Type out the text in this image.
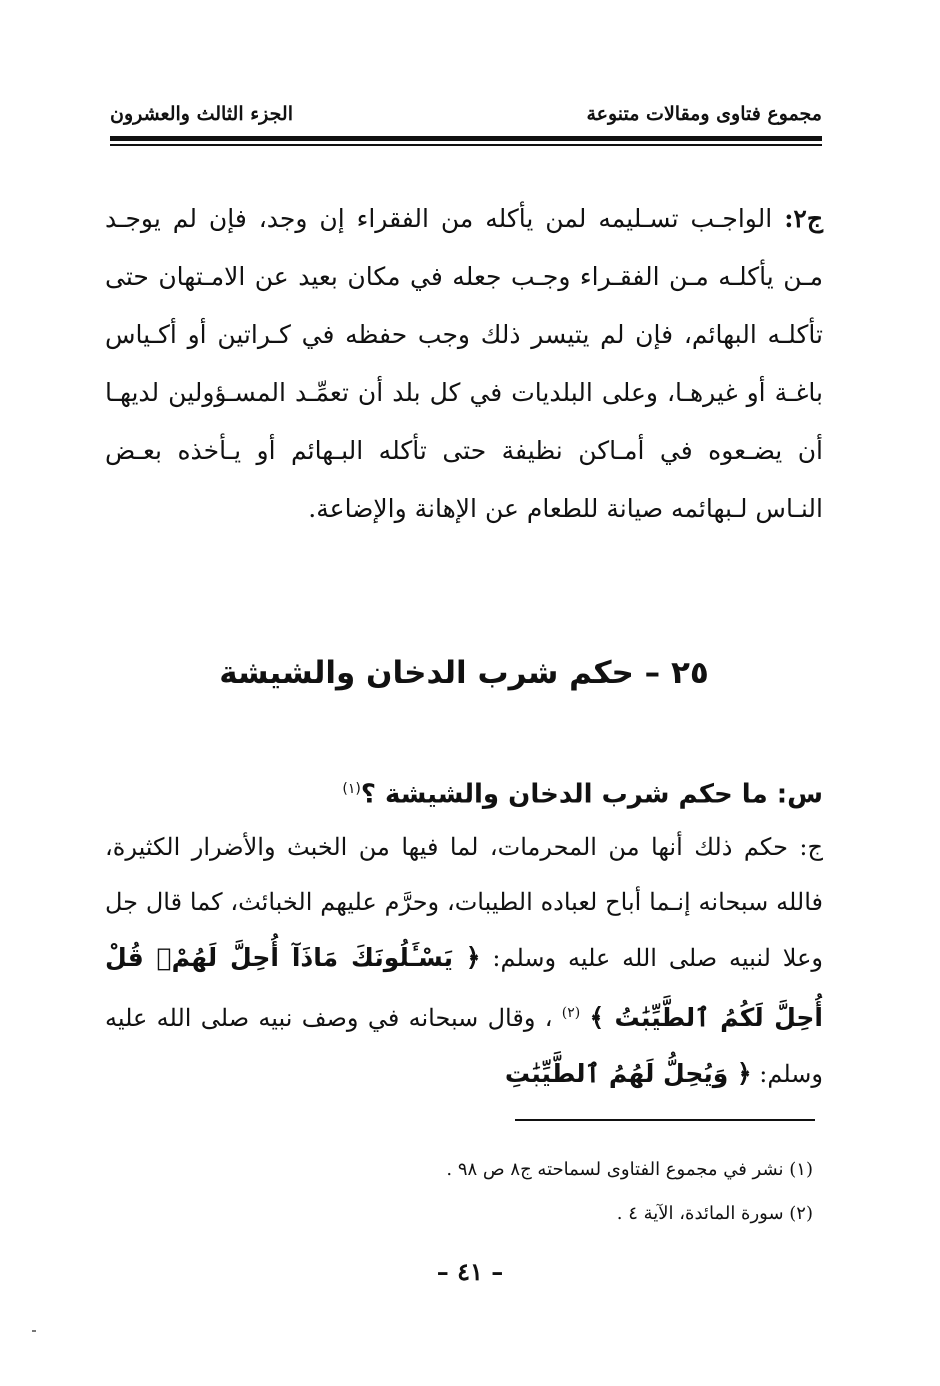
مجموع فتاوى ومقالات متنوعة
الجزء الثالث والعشرون
ج٢: الواجـب تسـليمه لمن يأكله من الفقراء إن وجد، فإن لم يوجـد مـن يأكلـه مـن الفقـراء وجـب جعله في مكان بعيد عن الامـتهان حتى تأكلـه البهائم، فإن لم يتيسر ذلك وجب حفظه في كـراتين أو أكـياس باغـة أو غيرهـا، وعلى البلديات في كل بلد أن تعمِّـد المسـؤولين لديهـا أن يضـعوه في أمـاكن نظيفة حتى تأكله البـهائم أو يـأخذه بعـض النـاس لـبهائمه صيانة للطعام عن الإهانة والإضاعة.
٢٥ – حكم شرب الدخان والشيشة
س: ما حكم شرب الدخان والشيشة ؟$^{(١)}$
ج: حكم ذلك أنها من المحرمات، لما فيها من الخبث والأضرار الكثيرة، فالله سبحانه إنـما أباح لعباده الطيبات، وحرَّم عليهم الخبائث، كما قال جل وعلا لنبيه صلى الله عليه وسلم: ﴿ يَسْـَٔلُونَكَ مَاذَآ أُحِلَّ لَهُمْۖ قُلْ أُحِلَّ لَكُمُ ٱلطَّيِّبَٰتُ ﴾ $^{(٢)}$ ، وقال سبحانه في وصف نبيه صلى الله عليه وسلم: ﴿ وَيُحِلُّ لَهُمُ ٱلطَّيِّبَٰتِ
(١) نشر في مجموع الفتاوى لسماحته ج٨ ص ٩٨ .
(٢) سورة المائدة، الآية ٤ .
– ٤١ –
